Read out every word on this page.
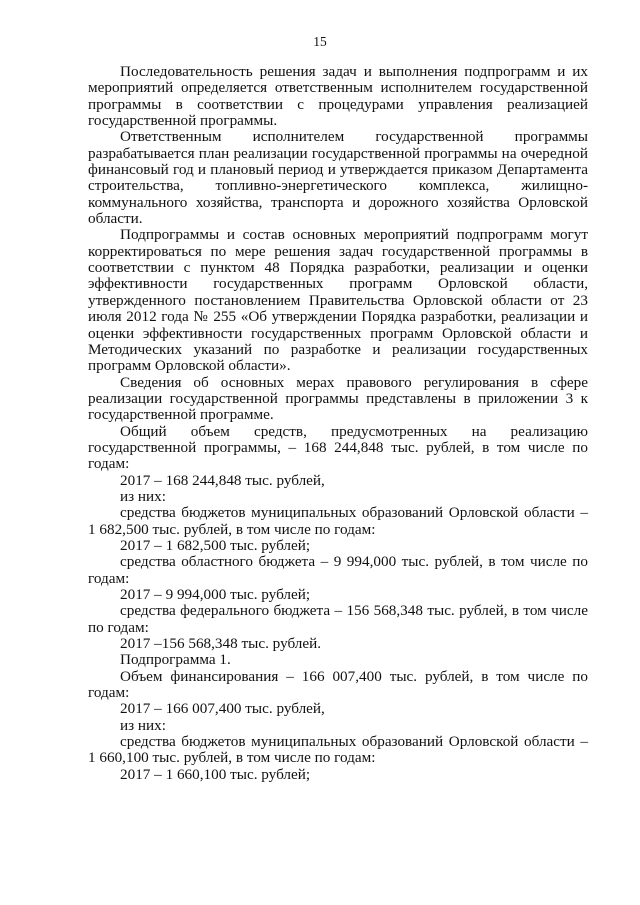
15

Последовательность решения задач и выполнения подпрограмм и их мероприятий определяется ответственным исполнителем государственной программы в соответствии с процедурами управления реализацией государственной программы.

Ответственным исполнителем государственной программы разрабатывается план реализации государственной программы на очередной финансовый год и плановый период и утверждается приказом Департамента строительства, топливно-энергетического комплекса, жилищно-коммунального хозяйства, транспорта и дорожного хозяйства Орловской области.

Подпрограммы и состав основных мероприятий подпрограмм могут корректироваться по мере решения задач государственной программы в соответствии с пунктом 48 Порядка разработки, реализации и оценки эффективности государственных программ Орловской области, утвержденного постановлением Правительства Орловской области от 23 июля 2012 года № 255 «Об утверждении Порядка разработки, реализации и оценки эффективности государственных программ Орловской области и Методических указаний по разработке и реализации государственных программ Орловской области».

Сведения об основных мерах правового регулирования в сфере реализации государственной программы представлены в приложении 3 к государственной программе.

Общий объем средств, предусмотренных на реализацию государственной программы, – 168 244,848 тыс. рублей, в том числе по годам:

2017 – 168 244,848 тыс. рублей,

из них:

средства бюджетов муниципальных образований Орловской области – 1 682,500 тыс. рублей, в том числе по годам:

2017 – 1 682,500 тыс. рублей;

средства областного бюджета – 9 994,000 тыс. рублей, в том числе по годам:

2017 – 9 994,000 тыс. рублей;

средства федерального бюджета – 156 568,348 тыс. рублей, в том числе по годам:

2017 –156 568,348 тыс. рублей.

Подпрограмма 1.

Объем финансирования – 166 007,400 тыс. рублей, в том числе по годам:

2017 – 166 007,400 тыс. рублей,

из них:

средства бюджетов муниципальных образований Орловской области – 1 660,100 тыс. рублей, в том числе по годам:

2017 – 1 660,100 тыс. рублей;
